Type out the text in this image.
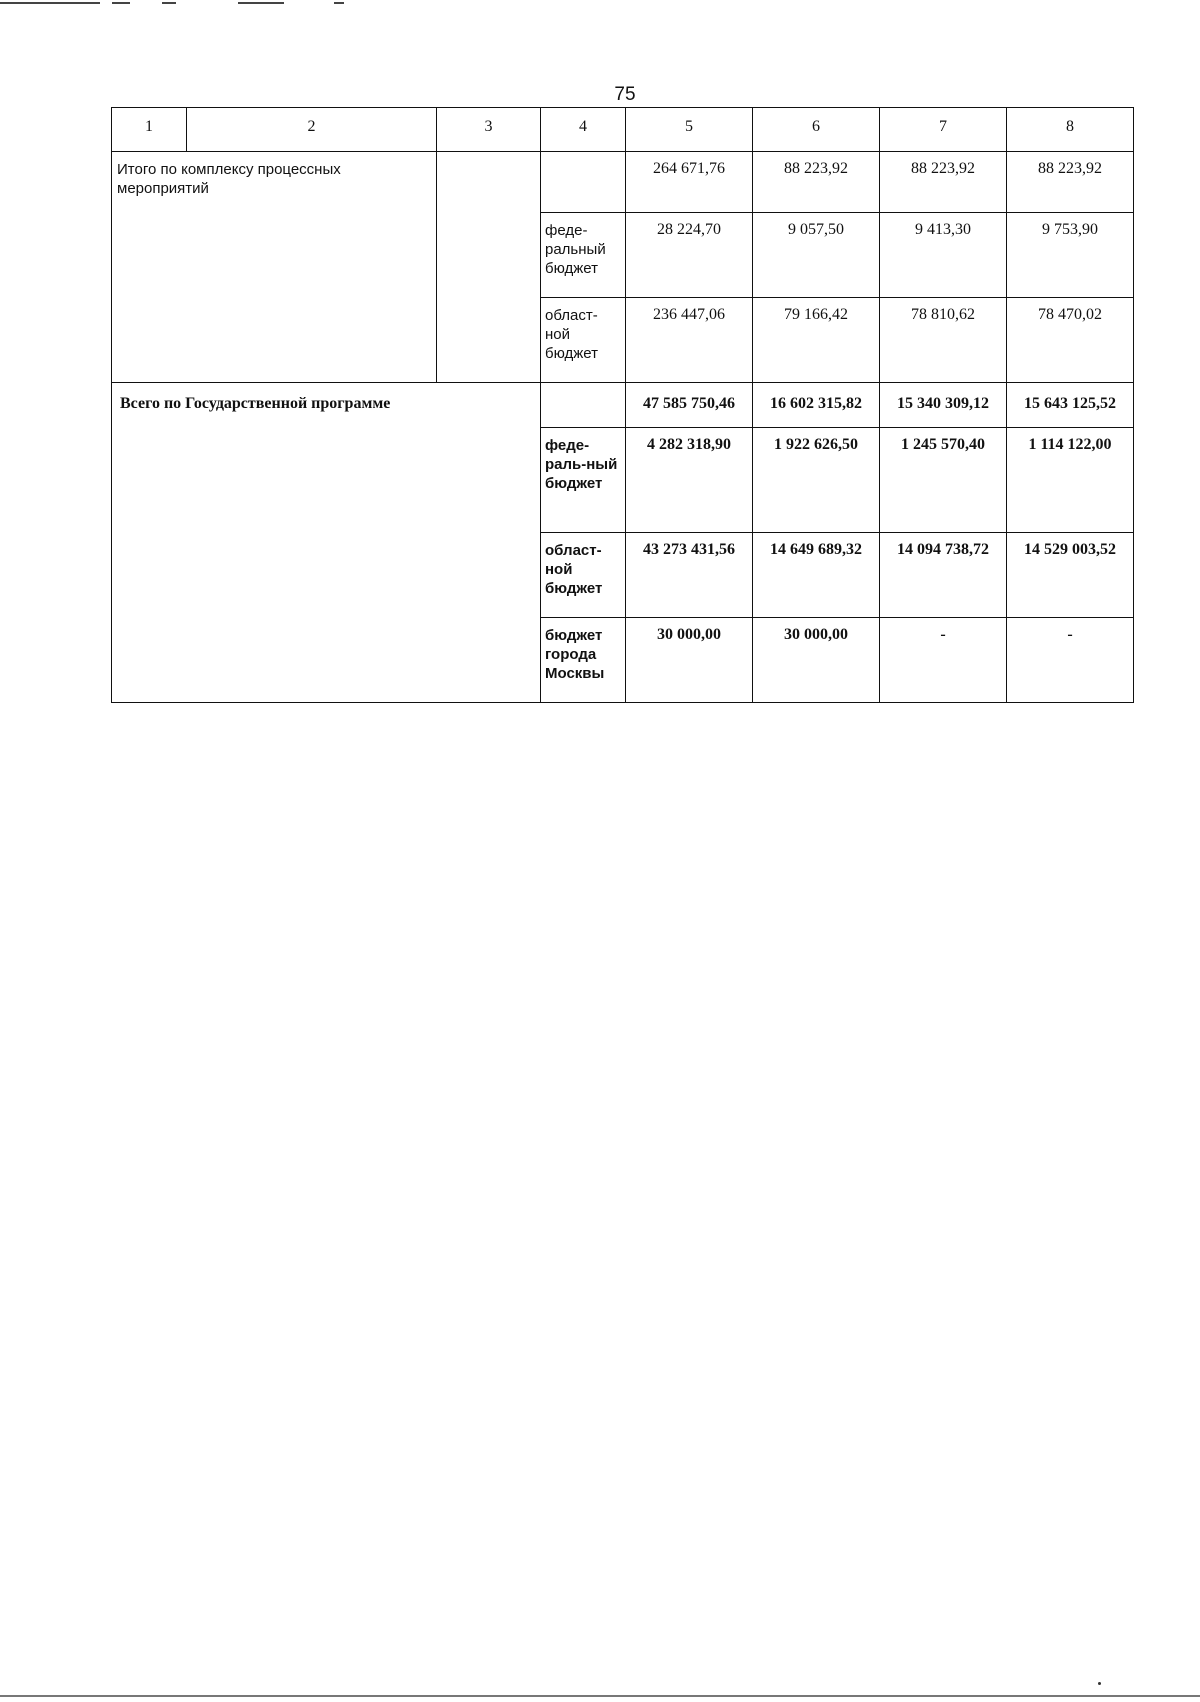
75
1	2	3	4	5	6	7	8
Итого по комплексу процессных мероприятий				264 671,76	88 223,92	88 223,92	88 223,92
			феде-ральный бюджет	28 224,70	9 057,50	9 413,30	9 753,90
			област-ной бюджет	236 447,06	79 166,42	78 810,62	78 470,02
Всего по Государственной программе				47 585 750,46	16 602 315,82	15 340 309,12	15 643 125,52
			феде-раль-ный бюджет	4 282 318,90	1 922 626,50	1 245 570,40	1 114 122,00
			област-ной бюджет	43 273 431,56	14 649 689,32	14 094 738,72	14 529 003,52
			бюджет города Москвы	30 000,00	30 000,00	-	-
